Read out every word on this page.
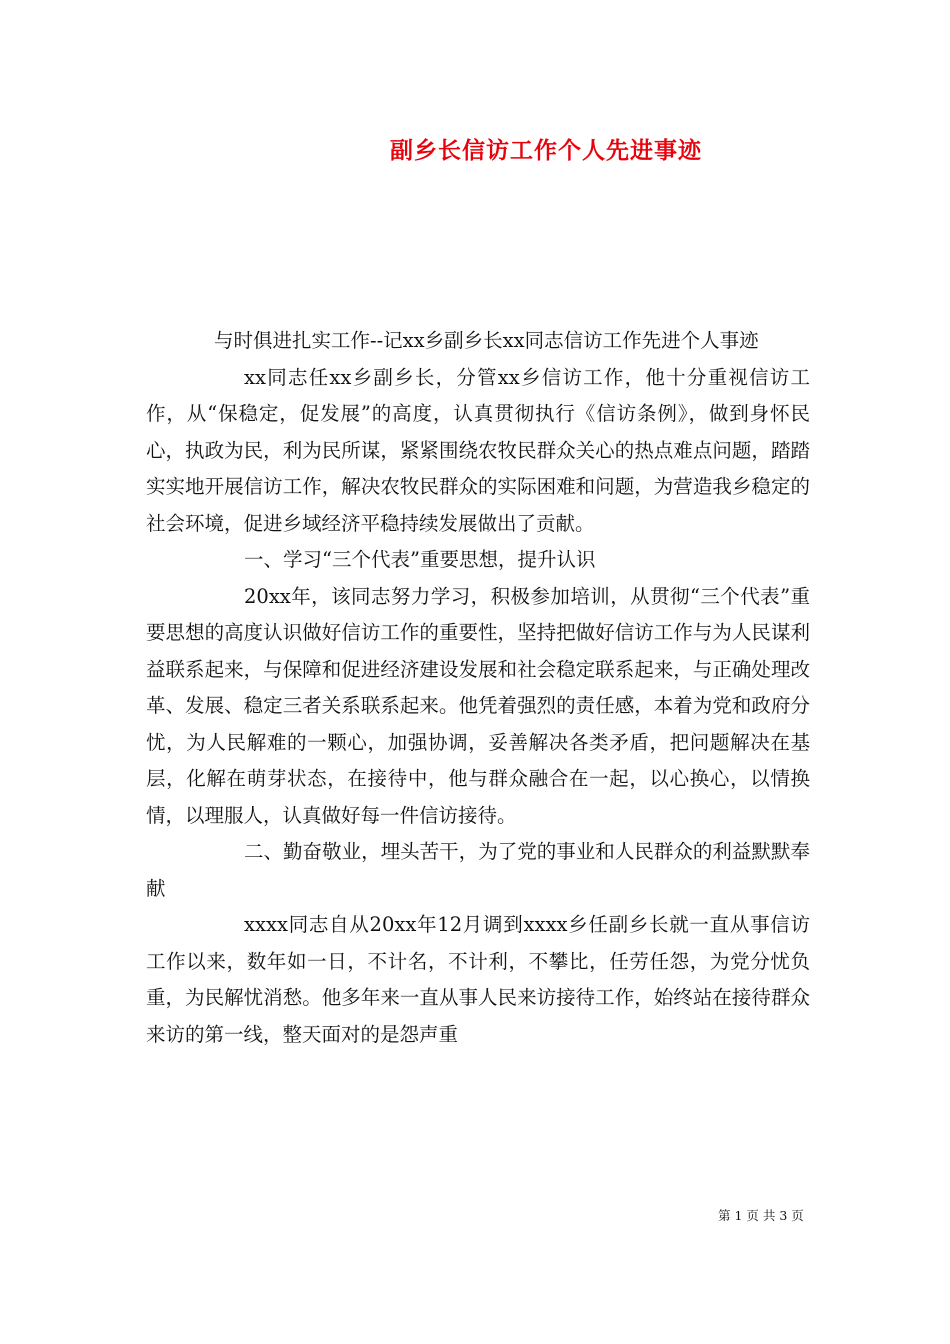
副乡长信访工作个人先进事迹

与时俱进扎实工作--记xx乡副乡长xx同志信访工作先进个人事迹

xx同志任xx乡副乡长，分管xx乡信访工作，他十分重视信访工作，从“保稳定，促发展”的高度，认真贯彻执行《信访条例》，做到身怀民心，执政为民，利为民所谋，紧紧围绕农牧民群众关心的热点难点问题，踏踏实实地开展信访工作，解决农牧民群众的实际困难和问题，为营造我乡稳定的社会环境，促进乡域经济平稳持续发展做出了贡献。

一、学习“三个代表”重要思想，提升认识

20xx年，该同志努力学习，积极参加培训，从贯彻“三个代表”重要思想的高度认识做好信访工作的重要性，坚持把做好信访工作与为人民谋利益联系起来，与保障和促进经济建设发展和社会稳定联系起来，与正确处理改革、发展、稳定三者关系联系起来。他凭着强烈的责任感，本着为党和政府分忧，为人民解难的一颗心，加强协调，妥善解决各类矛盾，把问题解决在基层，化解在萌芽状态，在接待中，他与群众融合在一起，以心换心，以情换情，以理服人，认真做好每一件信访接待。

二、勤奋敬业，埋头苦干，为了党的事业和人民群众的利益默默奉献

xxxx同志自从20xx年12月调到xxxx乡任副乡长就一直从事信访工作以来，数年如一日，不计名，不计利，不攀比，任劳任怨，为党分忧负重，为民解忧消愁。他多年来一直从事人民来访接待工作，始终站在接待群众来访的第一线，整天面对的是怨声重

第 1 页 共 3 页
